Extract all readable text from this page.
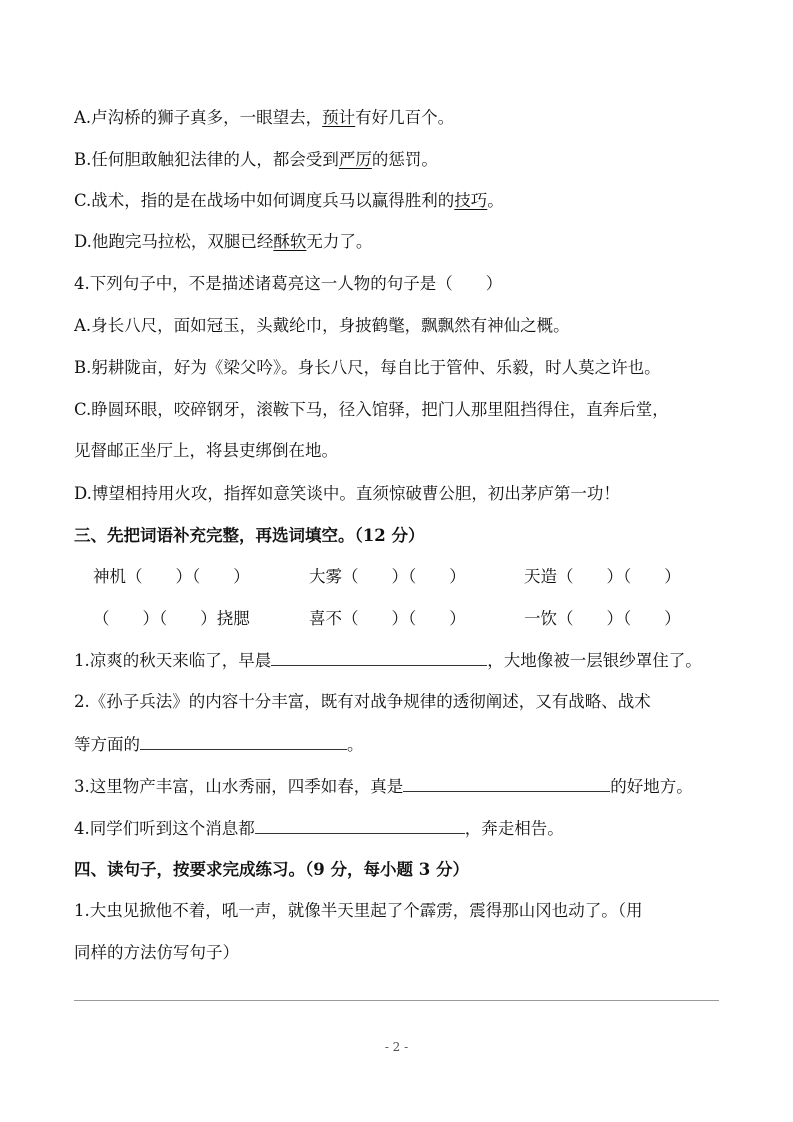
A.卢沟桥的狮子真多，一眼望去，预计有好几百个。
B.任何胆敢触犯法律的人，都会受到严厉的惩罚。
C.战术，指的是在战场中如何调度兵马以赢得胜利的技巧。
D.他跑完马拉松，双腿已经酥软无力了。
4.下列句子中，不是描述诸葛亮这一人物的句子是（　　）
A.身长八尺，面如冠玉，头戴纶巾，身披鹤氅，飘飘然有神仙之概。
B.躬耕陇亩，好为《梁父吟》。身长八尺，每自比于管仲、乐毅，时人莫之许也。
C.睁圆环眼，咬碎钢牙，滚鞍下马，径入馆驿，把门人那里阻挡得住，直奔后堂，
见督邮正坐厅上，将县吏绑倒在地。
D.博望相持用火攻，指挥如意笑谈中。直须惊破曹公胆，初出茅庐第一功！
三、先把词语补充完整，再选词填空。（12 分）
神机（　　）（　　）	大雾（　　）（　　）	天造（　　）（　　）
（　　）（　　）挠腮	喜不（　　）（　　）	一饮（　　）（　　）
1.凉爽的秋天来临了，早晨	，大地像被一层银纱罩住了。
2.《孙子兵法》的内容十分丰富，既有对战争规律的透彻阐述，又有战略、战术
等方面的	。
3.这里物产丰富，山水秀丽，四季如春，真是	的好地方。
4.同学们听到这个消息都	，奔走相告。
四、读句子，按要求完成练习。（9 分，每小题 3 分）
1.大虫见掀他不着，吼一声，就像半天里起了个霹雳，震得那山冈也动了。（用
同样的方法仿写句子）
- 2 -
